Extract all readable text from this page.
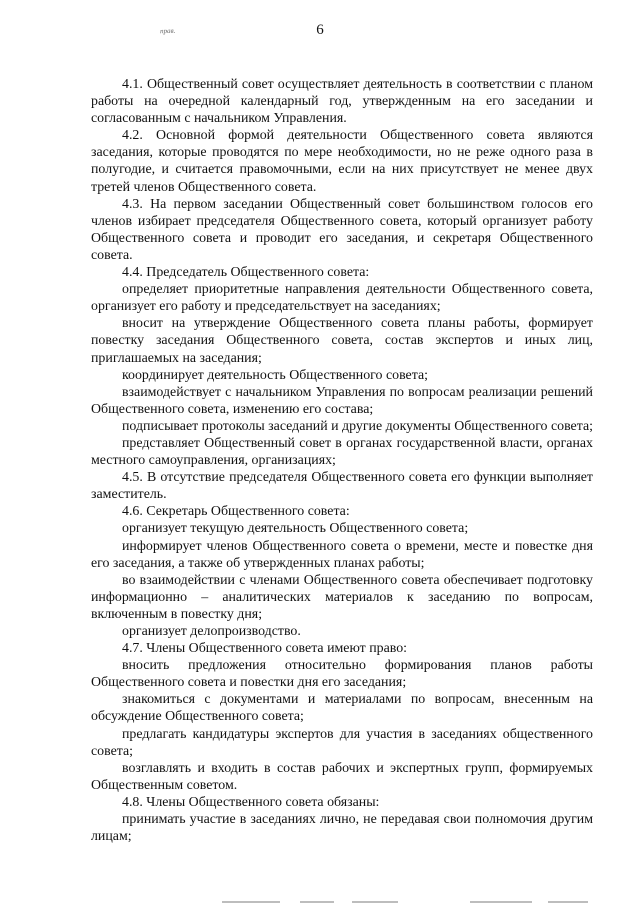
6
прав.

4.1. Общественный совет осуществляет деятельность в соответствии с планом работы на очередной календарный год, утвержденным на его заседании и согласованным с начальником Управления.

4.2. Основной формой деятельности Общественного совета являются заседания, которые проводятся по мере необходимости, но не реже одного раза в полугодие, и считается правомочными, если на них присутствует не менее двух третей членов Общественного совета.

4.3. На первом заседании Общественный совет большинством голосов его членов избирает председателя Общественного совета, который организует работу Общественного совета и проводит его заседания, и секретаря Общественного совета.

4.4. Председатель Общественного совета:

определяет приоритетные направления деятельности Общественного совета, организует его работу и председательствует на заседаниях;

вносит на утверждение Общественного совета планы работы, формирует повестку заседания Общественного совета, состав экспертов и иных лиц, приглашаемых на заседания;

координирует деятельность Общественного совета;

взаимодействует с начальником Управления по вопросам реализации решений Общественного совета, изменению его состава;

подписывает протоколы заседаний и другие документы Общественного совета;

представляет Общественный совет в органах государственной власти, органах местного самоуправления, организациях;

4.5. В отсутствие председателя Общественного совета его функции выполняет заместитель.

4.6. Секретарь Общественного совета:

организует текущую деятельность Общественного совета;

информирует членов Общественного совета о времени, месте и повестке дня его заседания, а также об утвержденных планах работы;

во взаимодействии с членами Общественного совета обеспечивает подготовку информационно – аналитических материалов к заседанию по вопросам, включенным в повестку дня;

организует делопроизводство.

4.7. Члены Общественного совета имеют право:

вносить предложения относительно формирования планов работы Общественного совета и повестки дня его заседания;

знакомиться с документами и материалами по вопросам, внесенным на обсуждение Общественного совета;

предлагать кандидатуры экспертов для участия в заседаниях общественного совета;

возглавлять и входить в состав рабочих и экспертных групп, формируемых Общественным советом.

4.8. Члены Общественного совета обязаны:

принимать участие в заседаниях лично, не передавая свои полномочия другим лицам;
